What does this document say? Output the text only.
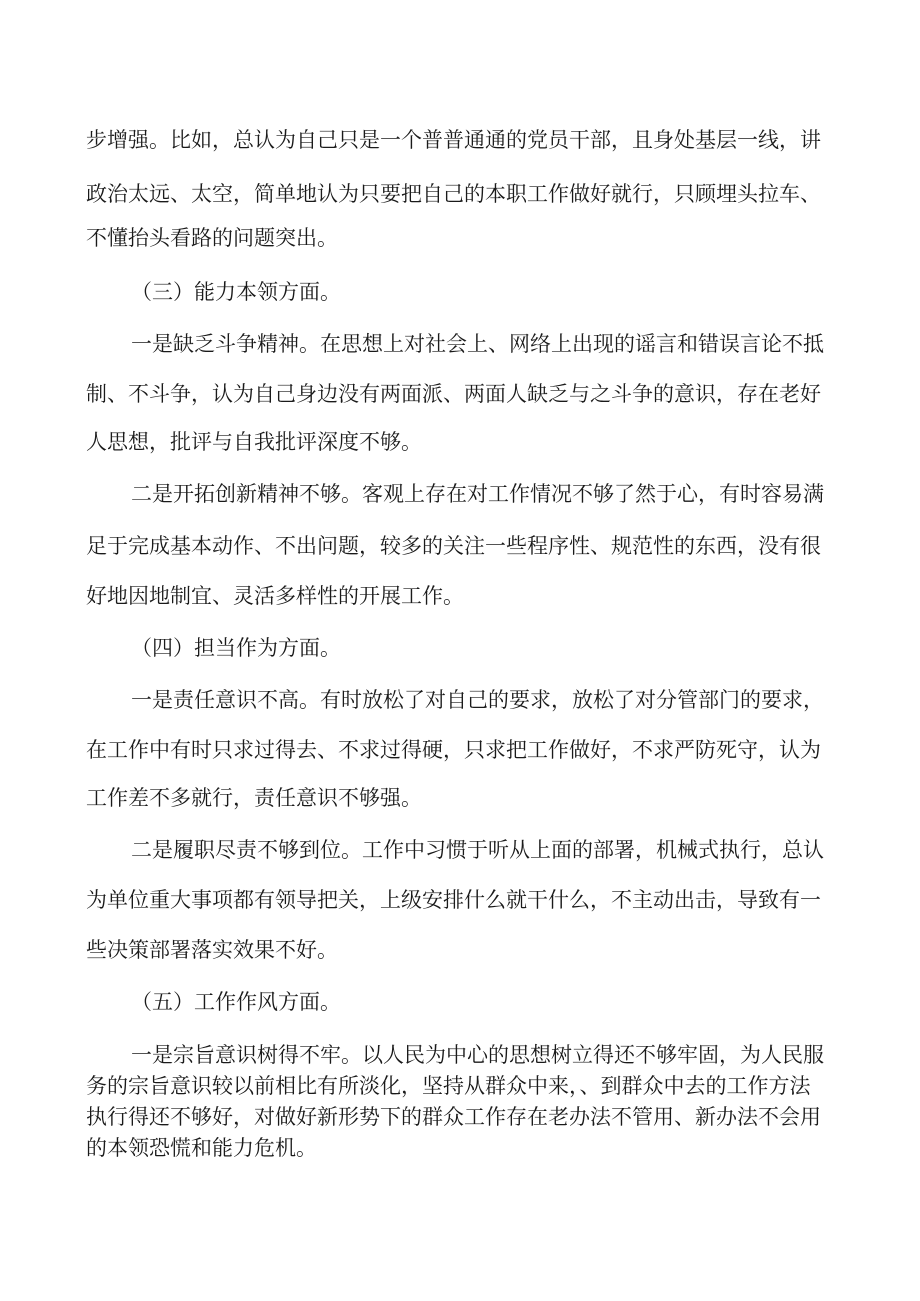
步增强。比如，总认为自己只是一个普普通通的党员干部，且身处基层一线，讲
政治太远、太空，简单地认为只要把自己的本职工作做好就行，只顾埋头拉车、
不懂抬头看路的问题突出。
（三）能力本领方面。
一是缺乏斗争精神。在思想上对社会上、网络上出现的谣言和错误言论不抵
制、不斗争，认为自己身边没有两面派、两面人缺乏与之斗争的意识，存在老好
人思想，批评与自我批评深度不够。
二是开拓创新精神不够。客观上存在对工作情况不够了然于心，有时容易满
足于完成基本动作、不出问题，较多的关注一些程序性、规范性的东西，没有很
好地因地制宜、灵活多样性的开展工作。
（四）担当作为方面。
一是责任意识不高。有时放松了对自己的要求，放松了对分管部门的要求，
在工作中有时只求过得去、不求过得硬，只求把工作做好，不求严防死守，认为
工作差不多就行，责任意识不够强。
二是履职尽责不够到位。工作中习惯于听从上面的部署，机械式执行，总认
为单位重大事项都有领导把关，上级安排什么就干什么，不主动出击，导致有一
些决策部署落实效果不好。
（五）工作作风方面。
一是宗旨意识树得不牢。以人民为中心的思想树立得还不够牢固，为人民服
务的宗旨意识较以前相比有所淡化，坚持从群众中来，、到群众中去的工作方法
执行得还不够好，对做好新形势下的群众工作存在老办法不管用、新办法不会用
的本领恐慌和能力危机。
